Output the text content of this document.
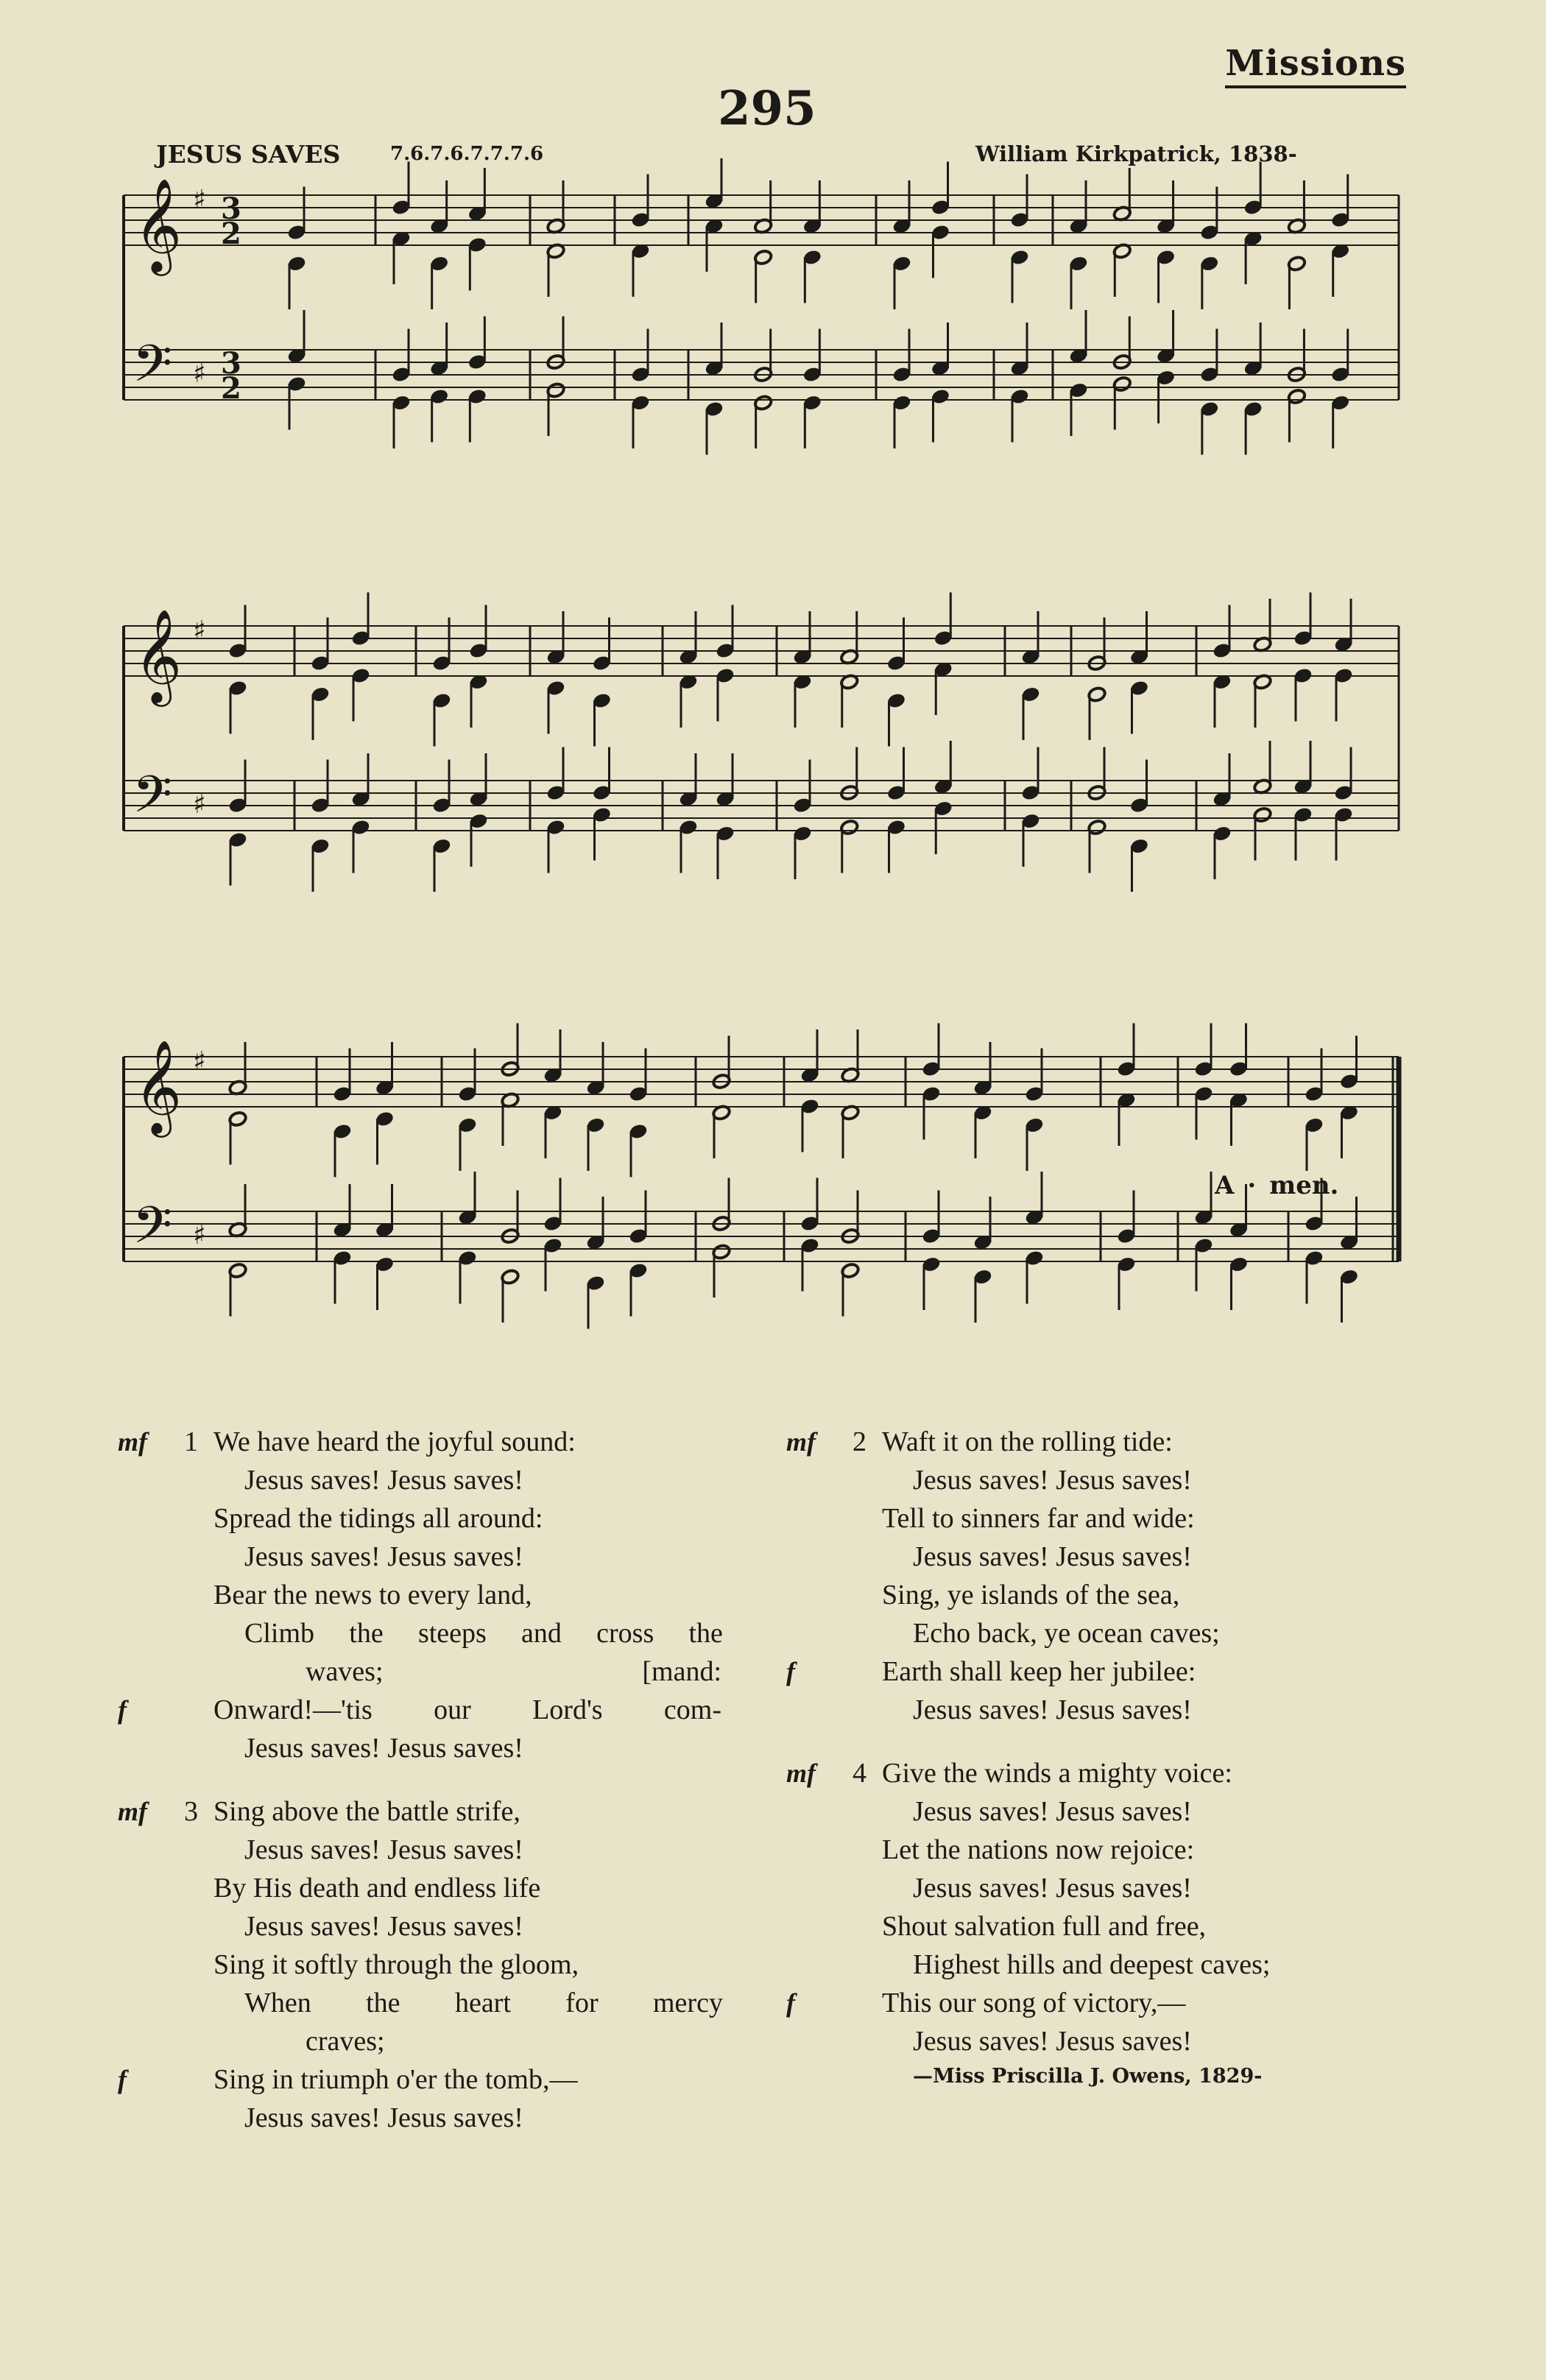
Missions
295
JESUS SAVES	7.6.7.6.7.7.7.6	William Kirkpatrick, 1838-
𝄞
𝄢
♯
♯
3
3
2
2
𝄞
𝄢
♯
♯
𝄞
𝄢
♯
♯
A · men.
mf 1 We have heard the joyful sound:
Jesus saves! Jesus saves!
Spread the tidings all around:
Jesus saves! Jesus saves!
Bear the news to every land,
Climb the steeps and cross the
waves;	[mand:
f	Onward!—'tis our Lord's com-
Jesus saves! Jesus saves!
mf 3 Sing above the battle strife,
Jesus saves! Jesus saves!
By His death and endless life
Jesus saves! Jesus saves!
Sing it softly through the gloom,
When the heart for mercy
craves;
f	Sing in triumph o'er the tomb,—
Jesus saves! Jesus saves!
mf 2 Waft it on the rolling tide:
Jesus saves! Jesus saves!
Tell to sinners far and wide:
Jesus saves! Jesus saves!
Sing, ye islands of the sea,
Echo back, ye ocean caves;
f	Earth shall keep her jubilee:
Jesus saves! Jesus saves!
mf 4 Give the winds a mighty voice:
Jesus saves! Jesus saves!
Let the nations now rejoice:
Jesus saves! Jesus saves!
Shout salvation full and free,
Highest hills and deepest caves;
f	This our song of victory,—
Jesus saves! Jesus saves!
—Miss Priscilla J. Owens, 1829-
